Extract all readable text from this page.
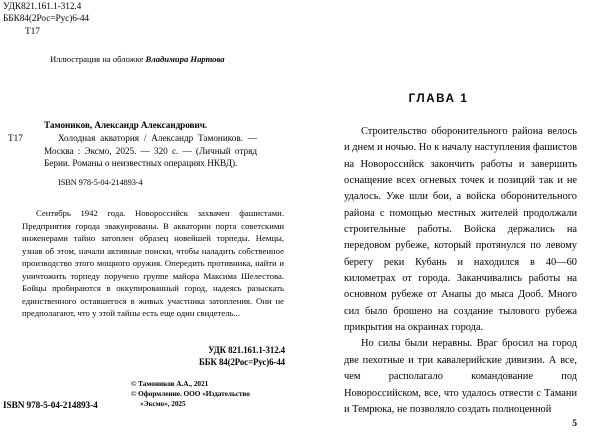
УДК821.161.1-312.4
ББК84(2Рос=Рус)6-44
Т17
Иллюстрация на обложке Владимира Нартова
Тамоников, Александр Александрович.
Т17	Холодная акватория / Александр Тамоников. — Москва : Эксмо, 2025. — 320 с. — (Личный отряд Берии. Романы о неизвестных операциях НКВД).
ISBN 978-5-04-214893-4
Сентябрь 1942 года. Новороссийск захвачен фашистами. Предприятия города эвакуированы. В акватории порта советскими инженерами тайно затоплен образец новейшей торпеды. Немцы, узнав об этом, начали активные поиски, чтобы наладить собственное производство этого мощного оружия. Опередить противника, найти и уничтожить торпеду поручено группе майора Максима Шелестова. Бойцы пробираются в оккупированный город, надеясь разыскать единственного оставшегося в живых участника затопления. Они не предполагают, что у этой тайны есть еще один свидетель...
УДК 821.161.1-312.4
ББК 84(2Рос=Рус)6-44
© Тамоников А.А., 2021
© Оформление. ООО «Издательство
«Эксмо», 2025
ISBN 978-5-04-214893-4
ГЛАВА 1

Строительство оборонительного района велось и днем и ночью. Но к началу наступления фашистов на Новороссийск закончить работы и завершить оснащение всех огневых точек и позиций так и не удалось. Уже шли бои, а войска оборонительного района с помощью местных жителей продолжали строительные работы. Войска держались на передовом рубеже, который протянулся по левому берегу реки Кубань и находился в 40—60 километрах от города. Заканчивались работы на основном рубеже от Анапы до мыса Дооб. Много сил было брошено на создание тылового рубежа прикрытия на окраинах города.

Но силы были неравны. Враг бросил на город две пехотные и три кавалерийские дивизии. А все, чем располагало командование под Новороссийском, все, что удалось отвести с Тамани и Темрюка, не позволяло создать полноценной

5
